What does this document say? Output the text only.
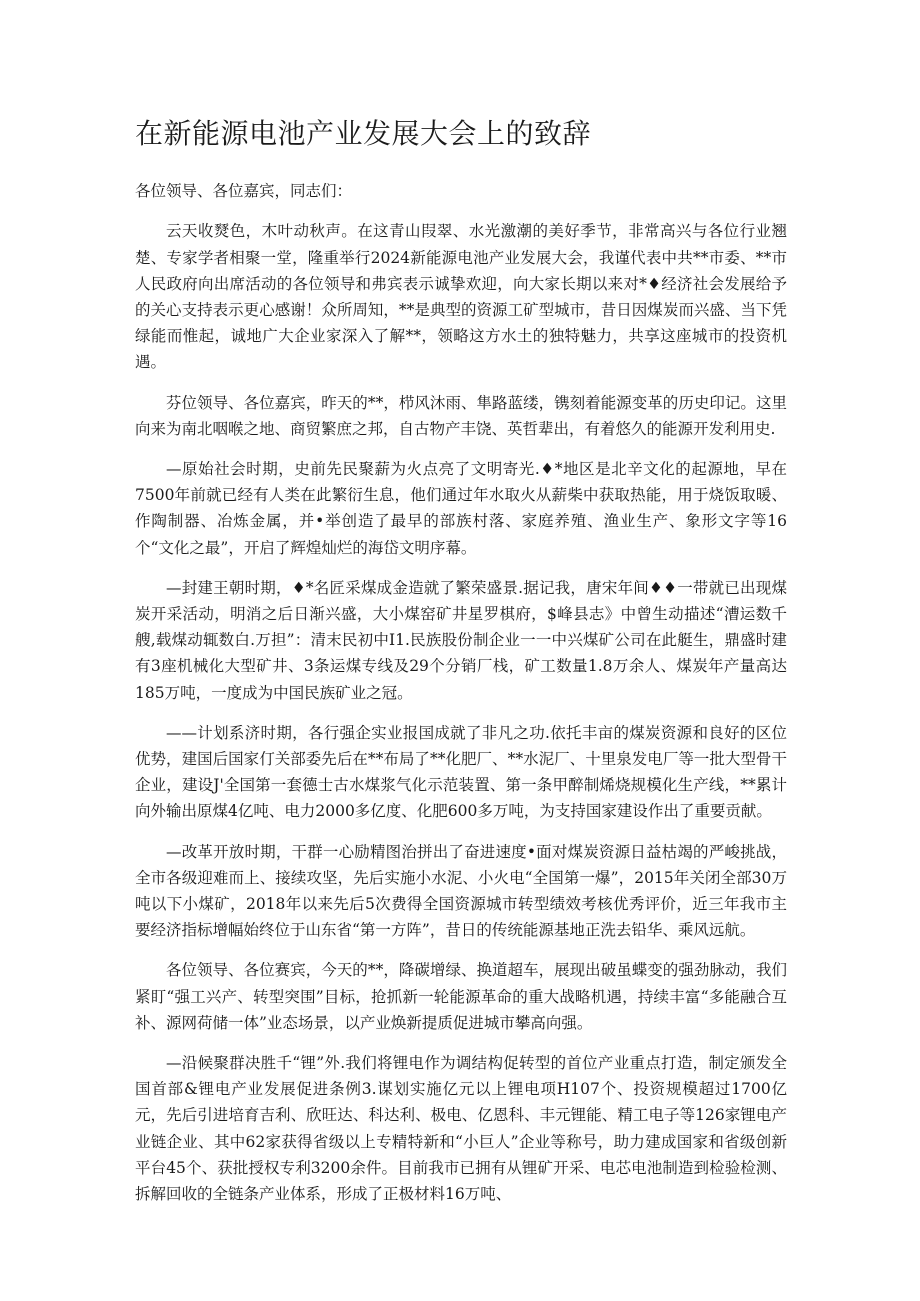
在新能源电池产业发展大会上的致辞

各位领导、各位嘉宾，同志们：

云天收燹色，木叶动秋声。在这青山叚翠、水光激潮的美好季节，非常高兴与各位行业翘楚、专家学者相聚一堂，隆重举行2024新能源电池产业发展大会，我谨代表中共**市委、**市人民政府向出席活动的各位领导和弗宾表示诚挚欢迎，向大家长期以来对*♦经济社会发展给予的关心支持表示更心感谢！众所周知，**是典型的资源工矿型城市，昔日因煤炭而兴盛、当下凭绿能而惟起，诚地广大企业家深入了解**，领略这方水土的独特魅力，共享这座城市的投资机遇。

芬位领导、各位嘉宾，昨天的**，栉风沐雨、隼路蓝缕，镌刻着能源变革的历史印记。这里向来为南北咽喉之地、商贸繁庶之邦，自古物产丰饶、英哲辈出，有着悠久的能源开发利用史.

—原始社会时期，史前先民聚薪为火点亮了文明寄光.♦*地区是北辛文化的起源地，早在7500年前就已经有人类在此繁衍生息，他们通过年水取火从薪柴中获取热能，用于烧饭取暖、作陶制器、冶炼金属，并•举创造了最早的部族村落、家庭养殖、渔业生产、象形文字等16个“文化之最”，开启了辉煌灿烂的海岱文明序幕。

—封建王朝时期，♦*名匠采煤成金造就了繁荣盛景.据记我，唐宋年间♦♦一带就已出现煤炭开采活动，明消之后日渐兴盛，大小煤窑矿井星罗棋府，$峰县志》中曾生动描述“漕运数千艘,载煤动辄数白.万担”：清末民初中I1.民族股份制企业一一中兴煤矿公司在此艇生，鼎盛时建有3座机械化大型矿井、3条运煤专线及29个分销厂栈，矿工数量1.8万余人、煤炭年产量高达185万吨，一度成为中国民族矿业之冠。

——计划系济时期，各行强企实业报国成就了非凡之功.依托丰亩的煤炭资源和良好的区位优势，建国后国家仃关部委先后在**布局了**化肥厂、**水泥厂、十里泉发电厂等一批大型骨干企业，建设J'全国第一套德士古水煤浆气化示范装置、第一条甲醉制烯烧规模化生产线，**累计向外输出原煤4亿吨、电力2000多亿度、化肥600多万吨，为支持国家建设作出了重要贡献。

—改革开放时期，干群一心励精图治拼出了奋进速度•面对煤炭资源日益枯竭的严峻挑战，全市各级迎难而上、接续攻坚，先后实施小水泥、小火电“全国第一爆”，2015年关闭全部30万吨以下小煤矿，2018年以来先后5次费得全国资源城市转型绩效考核优秀评价，近三年我市主要经济指标增幅始终位于山东省“第一方阵”，昔日的传统能源基地正洗去铅华、乘风远航。

各位领导、各位赛宾，今天的**，降碳增绿、换道超车，展现出破虽蝶变的强劲脉动，我们紧盯“强工兴产、转型突围”目标，抢抓新一轮能源革命的重大战略机遇，持续丰富“多能融合互补、源网荷储一体”业态场景，以产业焕新提质促进城市攀高向强。

—沿候聚群决胜千“锂”外.我们将锂电作为调结构促转型的首位产业重点打造，制定颁发全国首部&锂电产业发展促进条例3.谋划实施亿元以上锂电项H107个、投资规模超过1700亿元，先后引进培育吉利、欣旺达、科达利、极电、亿恩科、丰元锂能、精工电子等126家锂电产业链企业、其中62家获得省级以上专精特新和“小巨人”企业等称号，助力建成国家和省级创新平台45个、获批授权专利3200余件。目前我市已拥有从锂矿开采、电芯电池制造到检验检测、拆解回收的全链条产业体系，形成了正极材料16万吨、
